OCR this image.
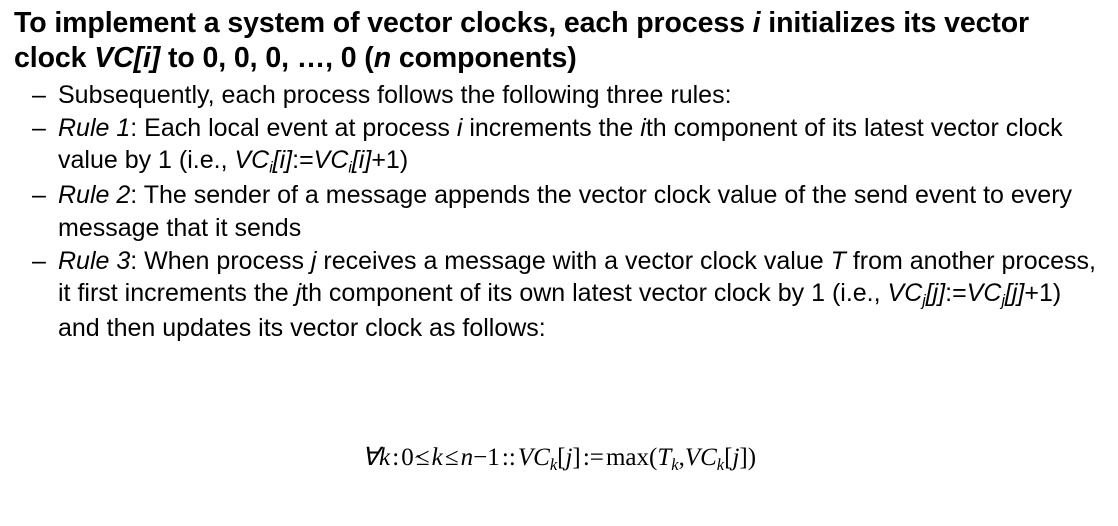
To implement a system of vector clocks, each process i initializes its vector clock VC[i] to 0, 0, 0, …, 0 (n components)
– Subsequently, each process follows the following three rules:
– Rule 1: Each local event at process i increments the ith component of its latest vector clock value by 1 (i.e., $VC_i[i]:=VC_i[i]+1$)
– Rule 2: The sender of a message appends the vector clock value of the send event to every message that it sends
– Rule 3: When process j receives a message with a vector clock value T from another process, it first increments the jth component of its own latest vector clock by 1 (i.e., $VC_j[j]:=VC_j[j]+1$) and then updates its vector clock as follows:
∀k : 0 ≤ k ≤ n−1 :: VCk[j] := max(Tk,VCk[j])
